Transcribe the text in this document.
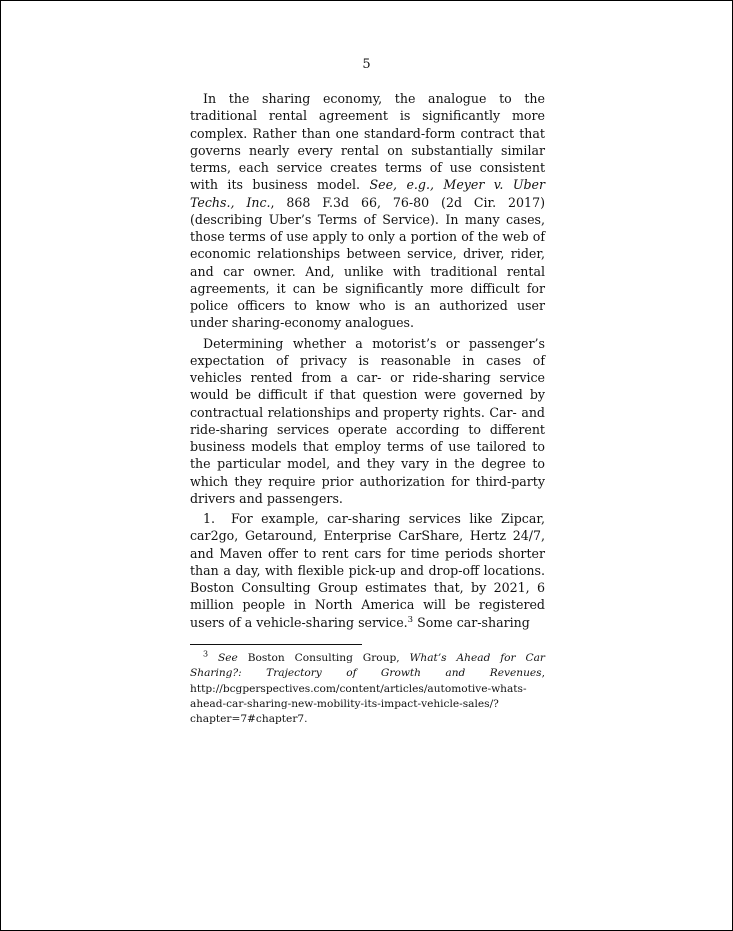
5

In the sharing economy, the analogue to the traditional rental agreement is significantly more complex. Rather than one standard-form contract that governs nearly every rental on substantially similar terms, each service creates terms of use consistent with its business model. See, e.g., Meyer v. Uber Techs., Inc., 868 F.3d 66, 76-80 (2d Cir. 2017) (describing Uber’s Terms of Service). In many cases, those terms of use apply to only a portion of the web of economic relationships between service, driver, rider, and car owner. And, unlike with traditional rental agreements, it can be significantly more difficult for police officers to know who is an authorized user under sharing-economy analogues.

Determining whether a motorist’s or passenger’s expectation of privacy is reasonable in cases of vehicles rented from a car- or ride-sharing service would be difficult if that question were governed by contractual relationships and property rights. Car- and ride-sharing services operate according to different business models that employ terms of use tailored to the particular model, and they vary in the degree to which they require prior authorization for third-party drivers and passengers.

1. For example, car-sharing services like Zipcar, car2go, Getaround, Enterprise CarShare, Hertz 24/7, and Maven offer to rent cars for time periods shorter than a day, with flexible pick-up and drop-off locations. Boston Consulting Group estimates that, by 2021, 6 million people in North America will be registered users of a vehicle-sharing service.$^3$ Some car-sharing

$^3$ See Boston Consulting Group, What’s Ahead for Car Sharing?: Trajectory of Growth and Revenues, http://bcgperspectives.com/content/articles/automotive-whats-ahead-car-sharing-new-mobility-its-impact-vehicle-sales/?chapter=7#chapter7.
